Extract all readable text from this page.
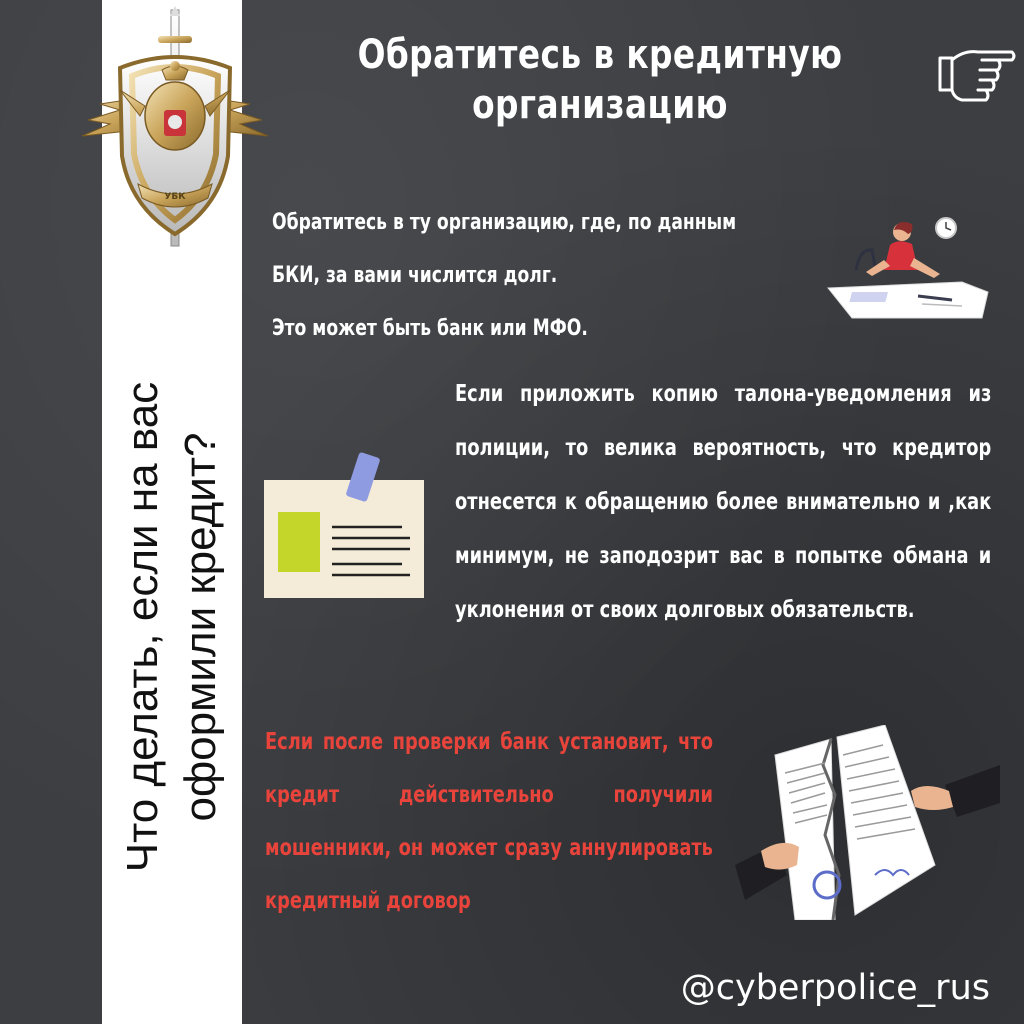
Что делать, если на вас оформили кредит?
УБК
Обратитесь в кредитную
организацию
Обратитесь в ту организацию, где, по данным
БКИ, за вами числится долг.
Это может быть банк или МФО.
Если приложить копию талона-уведомления из полиции, то велика вероятность, что кредитор отнесется к обращению более внимательно и ,как минимум, не заподозрит вас в попытке обмана и уклонения от своих долговых обязательств.
Если после проверки банк установит, что кредит действительно получили мошенники, он может сразу аннулировать кредитный договор
@cyberpolice_rus
